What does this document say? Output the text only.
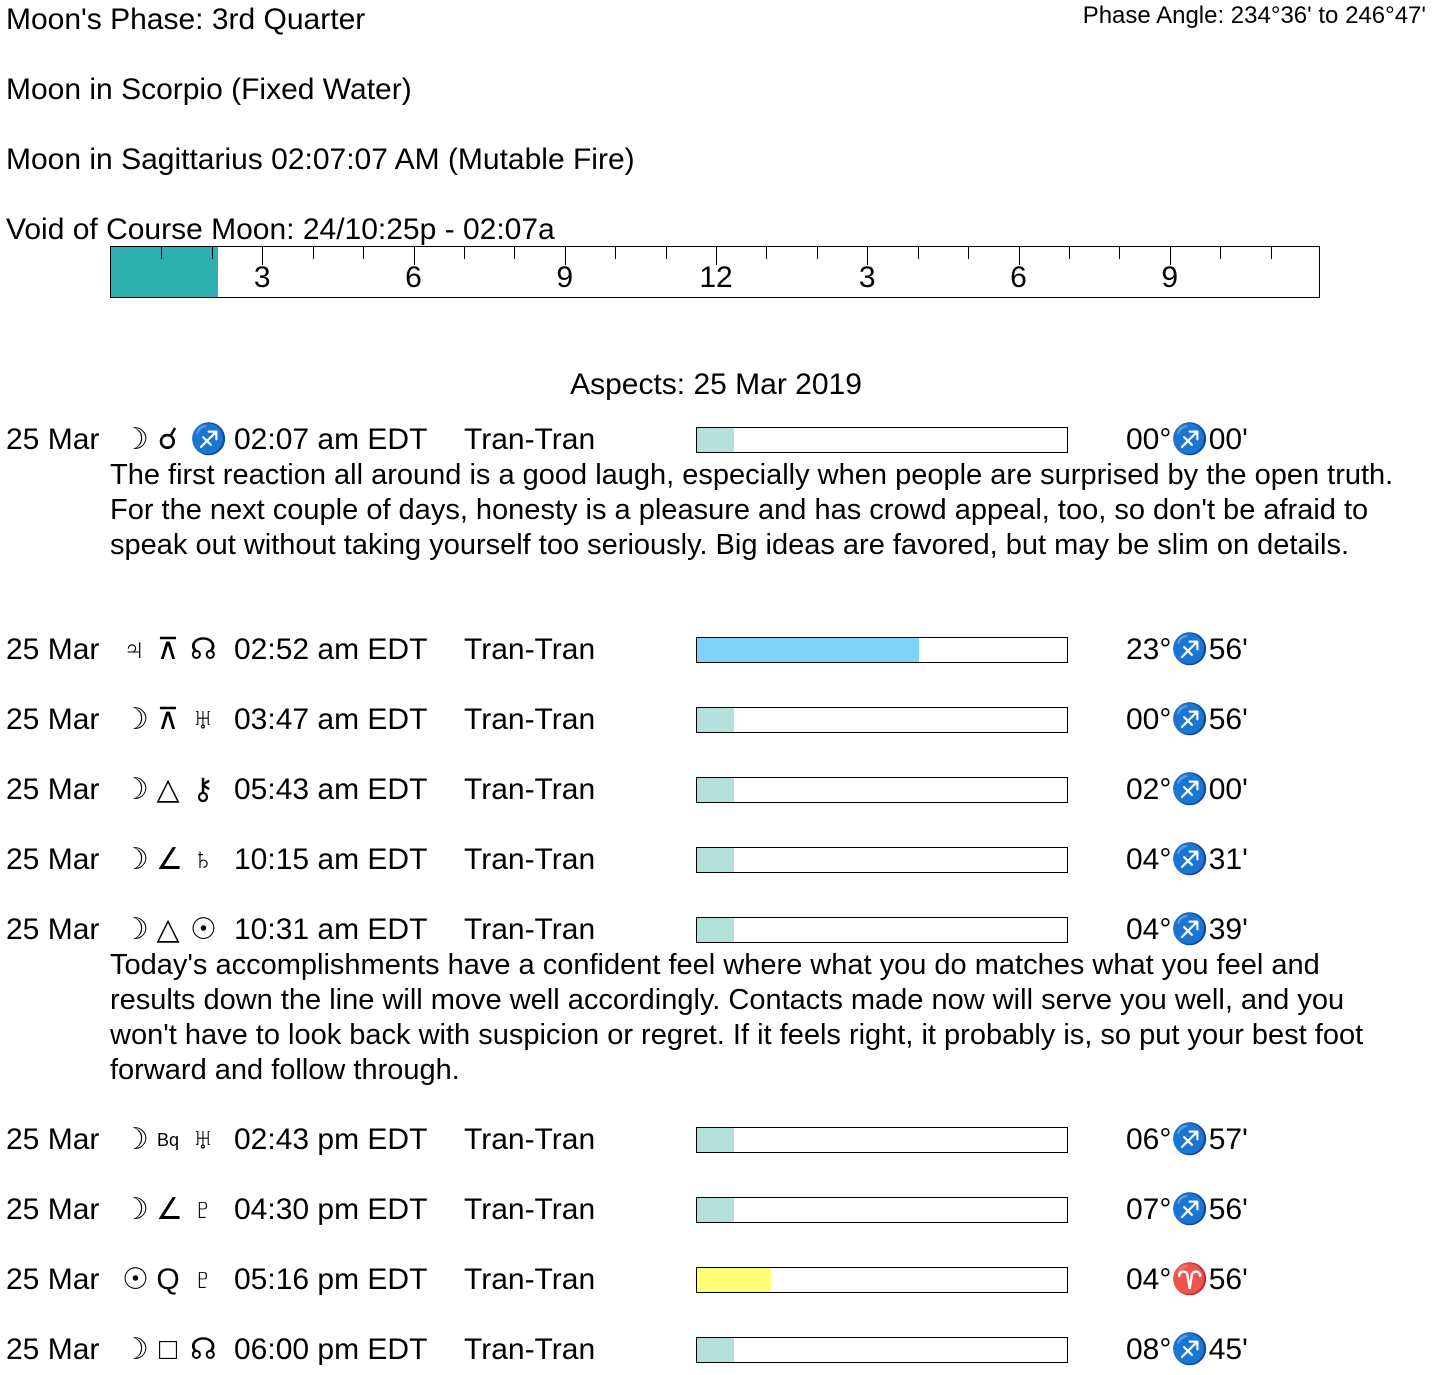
Moon's Phase: 3rd Quarter	Phase Angle: 234°36' to 246°47'
Moon in Scorpio (Fixed Water)
Moon in Sagittarius 02:07:07 AM (Mutable Fire)
Void of Course Moon: 24/10:25p - 02:07a
3	6	9	12	3	6	9
Aspects: 25 Mar 2019
25 Mar ☽ ☌ ♐ 02:07 am EDT Tran-Tran	00°♐00'
The first reaction all around is a good laugh, especially when people are surprised by the open truth. For the next couple of days, honesty is a pleasure and has crowd appeal, too, so don't be afraid to speak out without taking yourself too seriously. Big ideas are favored, but may be slim on details.
25 Mar ♃ ⊼ ☊ 02:52 am EDT Tran-Tran	23°♐56'
25 Mar ☽ ⊼ ♅ 03:47 am EDT Tran-Tran	00°♐56'
25 Mar ☽ △ ⚷ 05:43 am EDT Tran-Tran	02°♐00'
25 Mar ☽ ∠ ♄ 10:15 am EDT Tran-Tran	04°♐31'
25 Mar ☽ △ ☉ 10:31 am EDT Tran-Tran	04°♐39'
Today's accomplishments have a confident feel where what you do matches what you feel and results down the line will move well accordingly. Contacts made now will serve you well, and you won't have to look back with suspicion or regret. If it feels right, it probably is, so put your best foot forward and follow through.
25 Mar ☽ Bq ♅ 02:43 pm EDT Tran-Tran	06°♐57'
25 Mar ☽ ∠ ♇ 04:30 pm EDT Tran-Tran	07°♐56'
25 Mar ☉ Q ♇ 05:16 pm EDT Tran-Tran	04°♈56'
25 Mar ☽ □ ☊ 06:00 pm EDT Tran-Tran	08°♐45'
